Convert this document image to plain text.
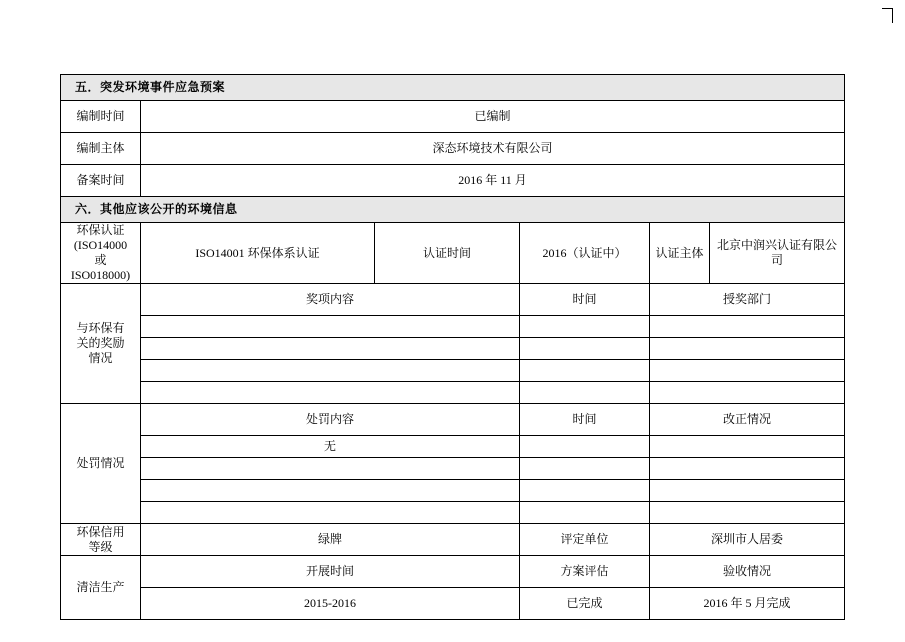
五．突发环境事件应急预案					
编制时间	已编制				
编制主体	深态环境技术有限公司				
备案时间	2016 年 11 月				
六．其他应该公开的环境信息					

环保认证
(ISO14000
或
ISO018000)	ISO14001 环保体系认证	认证时间	2016（认证中）	认证主体	北京中润兴认证有限公司

与环保有
关的奖励
情况	奖项内容		时间	授奖部门	

处罚情况	处罚内容		时间	改正情况	
	无				

环保信用
等级	绿牌		评定单位	深圳市人居委	
清洁生产	开展时间		方案评估	验收情况	
	2015-2016		已完成	2016 年 5 月完成	
